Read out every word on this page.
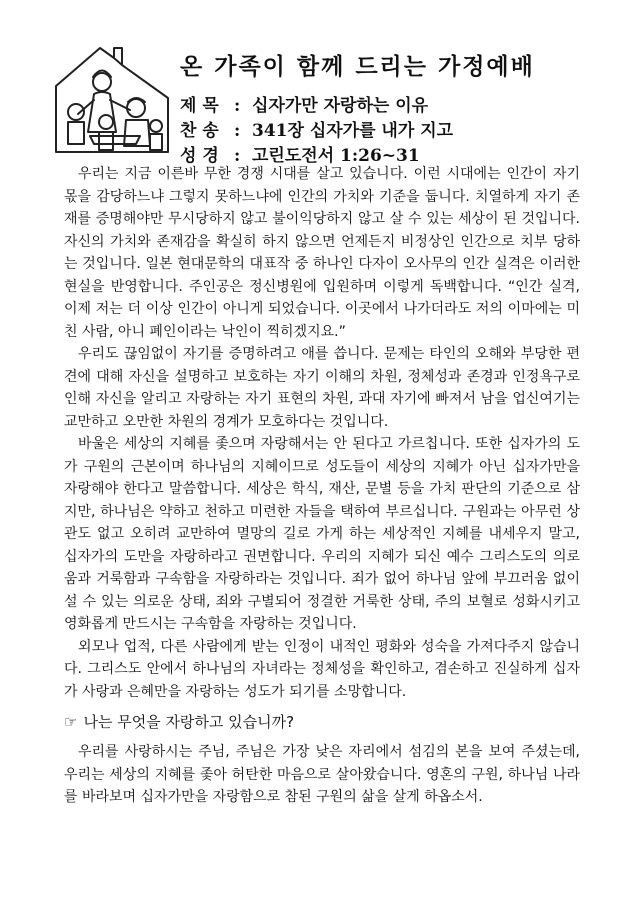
온 가족이 함께 드리는 가정예배
제 목 : 십자가만 자랑하는 이유
찬 송 : 341장 십자가를 내가 지고
성 경 : 고린도전서 1:26~31

우리는 지금 이른바 무한 경쟁 시대를 살고 있습니다. 이런 시대에는 인간이 자기 몫을 감당하느냐 그렇지 못하느냐에 인간의 가치와 기준을 둡니다. 치열하게 자기 존재를 증명해야만 무시당하지 않고 불이익당하지 않고 살 수 있는 세상이 된 것입니다. 자신의 가치와 존재감을 확실히 하지 않으면 언제든지 비정상인 인간으로 치부 당하는 것입니다. 일본 현대문학의 대표작 중 하나인 다자이 오사무의 인간 실격은 이러한 현실을 반영합니다. 주인공은 정신병원에 입원하며 이렇게 독백합니다. “인간 실격, 이제 저는 더 이상 인간이 아니게 되었습니다. 이곳에서 나가더라도 저의 이마에는 미친 사람, 아니 폐인이라는 낙인이 찍히겠지요.”

우리도 끊임없이 자기를 증명하려고 애를 씁니다. 문제는 타인의 오해와 부당한 편견에 대해 자신을 설명하고 보호하는 자기 이해의 차원, 정체성과 존경과 인정욕구로 인해 자신을 알리고 자랑하는 자기 표현의 차원, 과대 자기에 빠져서 남을 업신여기는 교만하고 오만한 차원의 경계가 모호하다는 것입니다.

바울은 세상의 지혜를 좇으며 자랑해서는 안 된다고 가르칩니다. 또한 십자가의 도가 구원의 근본이며 하나님의 지혜이므로 성도들이 세상의 지혜가 아닌 십자가만을 자랑해야 한다고 말씀합니다. 세상은 학식, 재산, 문별 등을 가치 판단의 기준으로 삼지만, 하나님은 약하고 천하고 미련한 자들을 택하여 부르십니다. 구원과는 아무런 상관도 없고 오히려 교만하여 멸망의 길로 가게 하는 세상적인 지혜를 내세우지 말고, 십자가의 도만을 자랑하라고 권면합니다. 우리의 지혜가 되신 예수 그리스도의 의로움과 거룩함과 구속함을 자랑하라는 것입니다. 죄가 없어 하나님 앞에 부끄러움 없이 설 수 있는 의로운 상태, 죄와 구별되어 정결한 거룩한 상태, 주의 보혈로 성화시키고 영화롭게 만드시는 구속함을 자랑하는 것입니다.

외모나 업적, 다른 사람에게 받는 인정이 내적인 평화와 성숙을 가져다주지 않습니다. 그리스도 안에서 하나님의 자녀라는 정체성을 확인하고, 겸손하고 진실하게 십자가 사랑과 은혜만을 자랑하는 성도가 되기를 소망합니다.

☞ 나는 무엇을 자랑하고 있습니까?

우리를 사랑하시는 주님, 주님은 가장 낮은 자리에서 섬김의 본을 보여 주셨는데, 우리는 세상의 지혜를 좇아 허탄한 마음으로 살아왔습니다. 영혼의 구원, 하나님 나라를 바라보며 십자가만을 자랑함으로 참된 구원의 삶을 살게 하옵소서.
